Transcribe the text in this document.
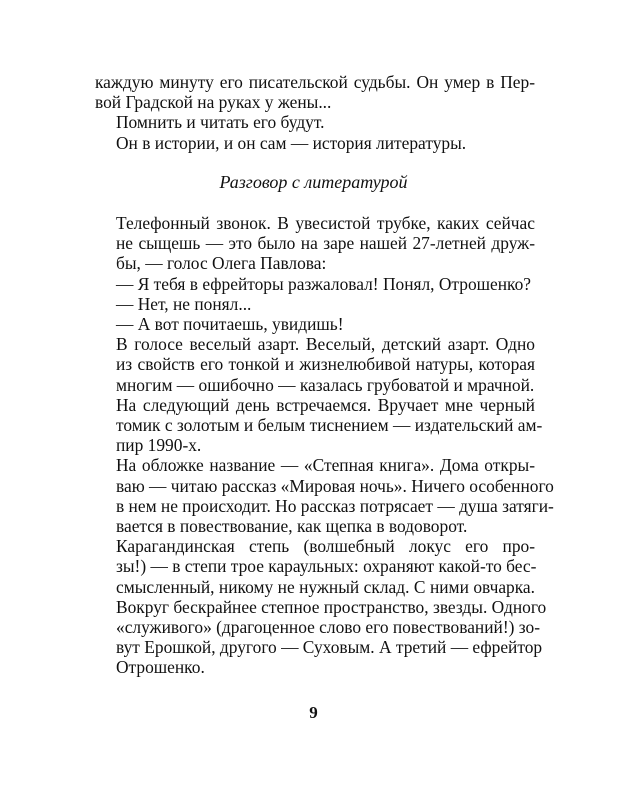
каждую минуту его писательской судьбы. Он умер в Пер-
вой Градской на руках у жены...

Помнить и читать его будут.

Он в истории, и он сам — история литературы.

Разговор с литературой

Телефонный звонок. В увесистой трубке, каких сейчас
не сыщешь — это было на заре нашей 27-летней друж-
бы, — голос Олега Павлова:

— Я тебя в ефрейторы разжаловал! Понял, Отрошенко?

— Нет, не понял...

— А вот почитаешь, увидишь!

В голосе веселый азарт. Веселый, детский азарт. Одно
из свойств его тонкой и жизнелюбивой натуры, которая
многим — ошибочно — казалась грубоватой и мрачной.

На следующий день встречаемся. Вручает мне черный
томик с золотым и белым тиснением — издательский ам-
пир 1990-х.

На обложке название — «Степная книга». Дома откры-
ваю — читаю рассказ «Мировая ночь». Ничего особенного
в нем не происходит. Но рассказ потрясает — душа затяги-
вается в повествование, как щепка в водоворот.

Карагандинская степь (волшебный локус его про-
зы!) — в степи трое караульных: охраняют какой-то бес-
смысленный, никому не нужный склад. С ними овчарка.
Вокруг бескрайнее степное пространство, звезды. Одного
«служивого» (драгоценное слово его повествований!) зо-
вут Ерошкой, другого — Суховым. А третий — ефрейтор
Отрошенко.

9
